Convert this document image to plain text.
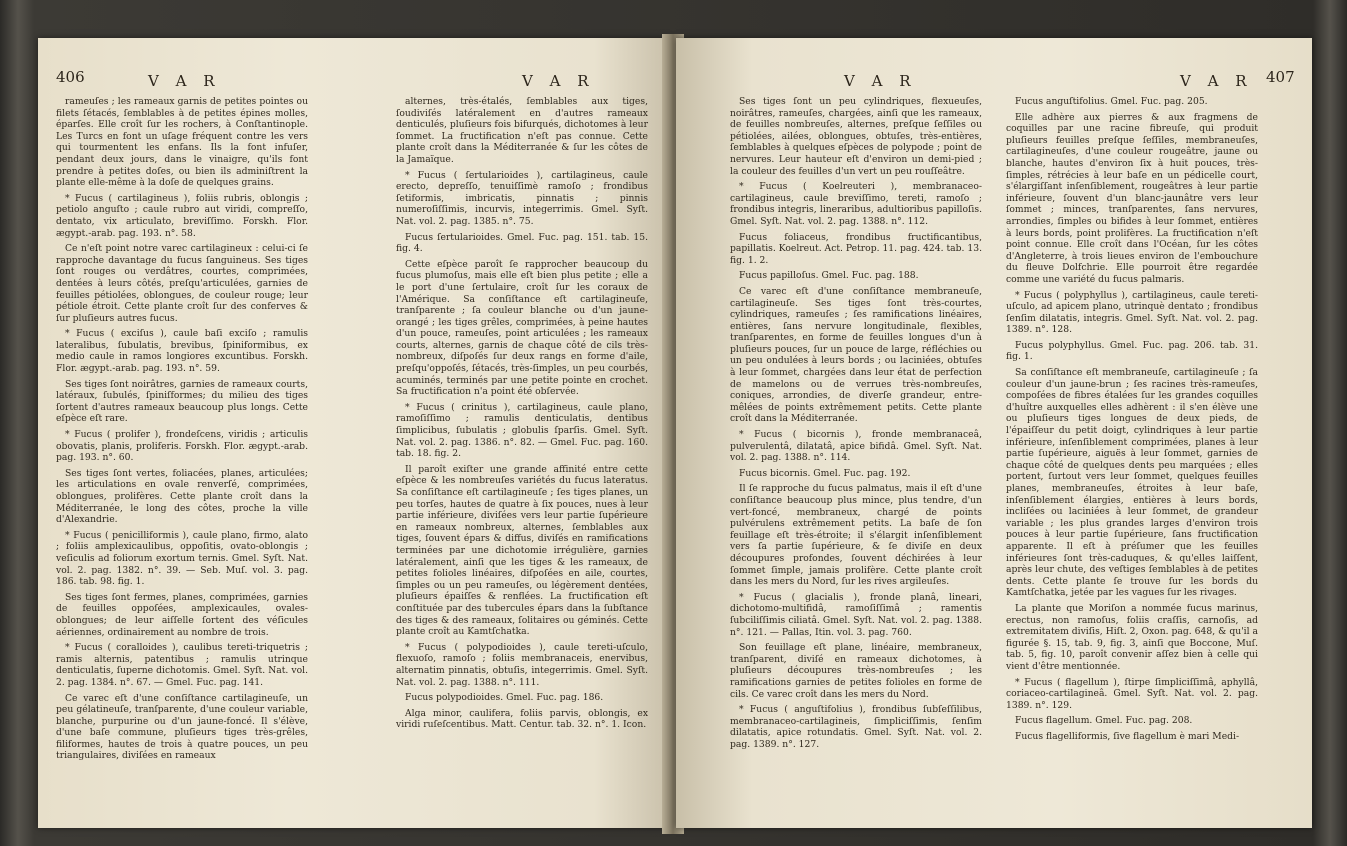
406	V A R	V A R

rameuſes ; les rameaux garnis de petites pointes ou filets ſétacés, ſemblables à de petites épines molles, éparſes. Elle croît ſur les rochers, à Conſtantinople. Les Turcs en font un uſage fréquent contre les vers qui tourmentent les enfans. Ils la font infuſer, pendant deux jours, dans le vinaigre, qu'ils font prendre à petites doſes, ou bien ils adminiſtrent la plante elle-même à la doſe de quelques grains.

* Fucus ( cartilagineus ), foliis rubris, oblongis ; petiolo anguſto ; caule rubro aut viridi, compreſſo, dentato, vix articulato, breviſſimo. Forskh. Flor. ægypt.-arab. pag. 193. n°. 58.

Ce n'eſt point notre varec cartilagineux : celui-ci ſe rapproche davantage du fucus ſanguineus. Ses tiges ſont rouges ou verdâtres, courtes, comprimées, dentées à leurs côtés, preſqu'articulées, garnies de feuilles pétiolées, oblongues, de couleur rouge; leur pétiole étroit. Cette plante croît ſur des conferves & ſur pluſieurs autres fucus.

* Fucus ( exciſus ), caule baſi exciſo ; ramulis lateralibus, ſubulatis, brevibus, ſpiniformibus, ex medio caule in ramos longiores excuntibus. Forskh. Flor. ægypt.-arab. pag. 193. n°. 59.

Ses tiges ſont noirâtres, garnies de rameaux courts, latéraux, ſubulés, ſpiniſformes; du milieu des tiges ſortent d'autres rameaux beaucoup plus longs. Cette eſpèce eſt rare.

* Fucus ( prolifer ), frondeſcens, viridis ; articulis obovatis, planis, proliferis. Forskh. Flor. ægypt.-arab. pag. 193. n°. 60.

Ses tiges ſont vertes, foliacées, planes, articulées; les articulations en ovale renverſé, comprimées, oblongues, prolifères. Cette plante croît dans la Méditerranée, le long des côtes, proche la ville d'Alexandrie.

* Fucus ( penicilliformis ), caule plano, firmo, alato ; foliis amplexicaulibus, oppoſitis, ovato-oblongis ; veſiculis ad foliorum exortum ternis. Gmel. Syſt. Nat. vol. 2. pag. 1382. n°. 39. — Seb. Muſ. vol. 3. pag. 186. tab. 98. fig. 1.

Ses tiges ſont fermes, planes, comprimées, garnies de feuilles oppoſées, amplexicaules, ovales-oblongues; de leur aiſſelle ſortent des véſicules aériennes, ordinairement au nombre de trois.

* Fucus ( coralloides ), caulibus tereti-triquetris ; ramis alternis, patentibus ; ramulis utrinque denticulatis, ſuperne dichotomis. Gmel. Syſt. Nat. vol. 2. pag. 1384. n°. 67. — Gmel. Fuc. pag. 141.

Ce varec eſt d'une conſiſtance cartilagineuſe, un peu gélatineuſe, tranſparente, d'une couleur variable, blanche, purpurine ou d'un jaune-foncé. Il s'élève, d'une baſe commune, pluſieurs tiges très-grêles, filiformes, hautes de trois à quatre pouces, un peu triangulaires, diviſées en rameaux

alternes, très-étalés, ſemblables aux tiges, ſoudiviſés latéralement en d'autres rameaux denticulés, pluſieurs fois bifurqués, dichotomes à leur ſommet. La fructification n'eſt pas connue. Cette plante croît dans la Méditerranée & ſur les côtes de la Jamaïque.

* Fucus ( ſertularioides ), cartilagineus, caule erecto, depreſſo, tenuiſſimè ramoſo ; frondibus ſetiformis, imbricatis, pinnatis ; pinnis numeroſiſſimis, incurvis, integerrimis. Gmel. Syſt. Nat. vol. 2. pag. 1385. n°. 75.

Fucus ſertularioides. Gmel. Fuc. pag. 151. tab. 15. fig. 4.

Cette eſpèce paroît ſe rapprocher beaucoup du fucus plumoſus, mais elle eſt bien plus petite ; elle a le port d'une ſertulaire, croît ſur les coraux de l'Amérique. Sa conſiſtance eſt cartilagineuſe, tranſparente ; ſa couleur blanche ou d'un jaune-orangé ; les tiges grêles, comprimées, à peine hautes d'un pouce, rameuſes, point articulées ; les rameaux courts, alternes, garnis de chaque côté de cils très-nombreux, diſpoſés ſur deux rangs en forme d'aile, preſqu'oppoſés, ſétacés, très-ſimples, un peu courbés, acuminés, terminés par une petite pointe en crochet. Sa fructification n'a point été obſervée.

* Fucus ( crinitus ), cartilagineus, caule plano, ramoſiſſimo ; ramulis denticulatis, dentibus ſimplicibus, ſubulatis ; globulis ſparſis. Gmel. Syſt. Nat. vol. 2. pag. 1386. n°. 82. — Gmel. Fuc. pag. 160. tab. 18. fig. 2.

Il paroît exiſter une grande affinité entre cette eſpèce & les nombreuſes variétés du fucus lateratus. Sa conſiſtance eſt cartilagineuſe ; ſes tiges planes, un peu torſes, hautes de quatre à ſix pouces, nues à leur partie inférieure, diviſées vers leur partie ſupérieure en rameaux nombreux, alternes, ſemblables aux tiges, ſouvent épars & diffus, diviſés en ramifications terminées par une dichotomie irrégulière, garnies latéralement, ainſi que les tiges & les rameaux, de petites folioles linéaires, diſpoſées en aile, courtes, ſimples ou un peu rameuſes, ou légèrement dentées, pluſieurs épaiſſes & renflées. La fructification eſt conſtituée par des tubercules épars dans la ſubſtance des tiges & des rameaux, ſolitaires ou géminés. Cette plante croît au Kamtſchatka.

* Fucus ( polypodioides ), caule tereti-uſculo, flexuoſo, ramoſo ; foliis membranaceis, enervibus, alternatim pinnatis, obtuſis, integerrimis. Gmel. Syſt. Nat. vol. 2. pag. 1388. n°. 111.

Fucus polypodioides. Gmel. Fuc. pag. 186.

Alga minor, caulifera, foliis parvis, oblongis, ex viridi ruſeſcentibus. Matt. Centur. tab. 32. n°. 1. Icon.

V A R	V A R 407

Ses tiges ſont un peu cylindriques, flexueuſes, noirâtres, rameuſes, chargées, ainſi que les rameaux, de feuilles nombreuſes, alternes, preſque ſeſſiles ou pétiolées, ailées, oblongues, obtuſes, très-entières, ſemblables à quelques eſpèces de polypode ; point de nervures. Leur hauteur eſt d'environ un demi-pied ; la couleur des feuilles d'un vert un peu rouſſeâtre.

* Fucus ( Koelreuteri ), membranaceo-cartilagineus, caule breviſſimo, tereti, ramoſo ; frondibus integris, lineraribus, adultioribus papilloſis. Gmel. Syſt. Nat. vol. 2. pag. 1388. n°. 112.

Fucus foliaceus, frondibus fructificantibus, papillatis. Koelreut. Act. Petrop. 11. pag. 424. tab. 13. fig. 1. 2.

Fucus papilloſus. Gmel. Fuc. pag. 188.

Ce varec eſt d'une conſiſtance membraneuſe, cartilagineuſe. Ses tiges ſont très-courtes, cylindriques, rameuſes ; ſes ramifications linéaires, entières, ſans nervure longitudinale, flexibles, tranſparentes, en forme de feuilles longues d'un à pluſieurs pouces, ſur un pouce de large, réfléchies ou un peu ondulées à leurs bords ; ou laciniées, obtuſes à leur ſommet, chargées dans leur état de perfection de mamelons ou de verrues très-nombreuſes, coniques, arrondies, de diverſe grandeur, entre-mêlées de points extrêmement petits. Cette plante croît dans la Méditerranée.

* Fucus ( bicornis ), fronde membranaceâ, pulverulentâ, dilatatâ, apice bifidâ. Gmel. Syſt. Nat. vol. 2. pag. 1388. n°. 114.

Fucus bicornis. Gmel. Fuc. pag. 192.

Il ſe rapproche du fucus palmatus, mais il eſt d'une conſiſtance beaucoup plus mince, plus tendre, d'un vert-foncé, membraneux, chargé de points pulvérulens extrêmement petits. La baſe de ſon feuillage eſt très-étroite; il s'élargit inſenſiblement vers ſa partie ſupérieure, & ſe diviſe en deux découpures profondes, ſouvent déchirées à leur ſommet ſimple, jamais prolifère. Cette plante croît dans les mers du Nord, ſur les rives argileuſes.

* Fucus ( glacialis ), fronde planâ, lineari, dichotomo-multifidâ, ramoſiſſimâ ; ramentis ſubciliſſimis ciliatâ. Gmel. Syſt. Nat. vol. 2. pag. 1388. n°. 121. — Pallas, Itin. vol. 3. pag. 760.

Son feuillage eſt plane, linéaire, membraneux, tranſparent, diviſé en rameaux dichotomes, à pluſieurs découpures très-nombreuſes ; les ramifications garnies de petites folioles en forme de cils. Ce varec croît dans les mers du Nord.

* Fucus ( anguſtifolius ), frondibus ſubſeſſilibus, membranaceo-cartilagineis, ſimpliciſſimis, ſenſim dilatatis, apice rotundatis. Gmel. Syſt. Nat. vol. 2. pag. 1389. n°. 127.

Fucus anguſtifolius. Gmel. Fuc. pag. 205.

Elle adhère aux pierres & aux fragmens de coquilles par une racine fibreuſe, qui produit pluſieurs feuilles preſque ſeſſiles, membraneuſes, cartilagineuſes, d'une couleur rougeâtre, jaune ou blanche, hautes d'environ ſix à huit pouces, très-ſimples, rétrécies à leur baſe en un pédicelle court, s'élargiſſant inſenſiblement, rougeâtres à leur partie inférieure, ſouvent d'un blanc-jaunâtre vers leur ſommet ; minces, tranſparentes, ſans nervures, arrondies, ſimples ou bifides à leur ſommet, entières à leurs bords, point prolifères. La fructification n'eſt point connue. Elle croît dans l'Océan, ſur les côtes d'Angleterre, à trois lieues environ de l'embouchure du fleuve Dolfchrie. Elle pourroit être regardée comme une variété du fucus palmaris.

* Fucus ( polyphyllus ), cartilagineus, caule tereti-uſculo, ad apicem plano, utrinquè dentato ; frondibus ſenſim dilatatis, integris. Gmel. Syſt. Nat. vol. 2. pag. 1389. n°. 128.

Fucus polyphyllus. Gmel. Fuc. pag. 206. tab. 31. fig. 1.

Sa conſiſtance eſt membraneuſe, cartilagineuſe ; ſa couleur d'un jaune-brun ; ſes racines très-rameuſes, compoſées de fibres étalées ſur les grandes coquilles d'huître auxquelles elles adhèrent : il s'en élève une ou pluſieurs tiges longues de deux pieds, de l'épaiſſeur du petit doigt, cylindriques à leur partie inférieure, inſenſiblement comprimées, planes à leur partie ſupérieure, aiguës à leur ſommet, garnies de chaque côté de quelques dents peu marquées ; elles portent, ſurtout vers leur ſommet, quelques feuilles planes, membraneuſes, étroites à leur baſe, inſenſiblement élargies, entières à leurs bords, incliſées ou laciniées à leur ſommet, de grandeur variable ; les plus grandes larges d'environ trois pouces à leur partie ſupérieure, ſans fructification apparente. Il eſt à préſumer que les feuilles inférieures ſont très-caduques, & qu'elles laiſſent, après leur chute, des veſtiges ſemblables à de petites dents. Cette plante ſe trouve ſur les bords du Kamtſchatka, jetée par les vagues ſur les rivages.

La plante que Moriſon a nommée fucus marinus, erectus, non ramoſus, foliis craſſis, carnoſis, ad extremitatem diviſis, Hiſt. 2, Oxon. pag. 648, & qu'il a figurée §. 15, tab. 9, fig. 3, ainſi que Boccone, Muſ. tab. 5, fig. 10, paroît convenir aſſez bien à celle qui vient d'être mentionnée.

* Fucus ( flagellum ), ſtirpe ſimpliciſſimâ, aphyllâ, coriaceo-cartilagineâ. Gmel. Syſt. Nat. vol. 2. pag. 1389. n°. 129.

Fucus flagellum. Gmel. Fuc. pag. 208.

Fucus flagelliformis, ſive flagellum è mari Medi-
